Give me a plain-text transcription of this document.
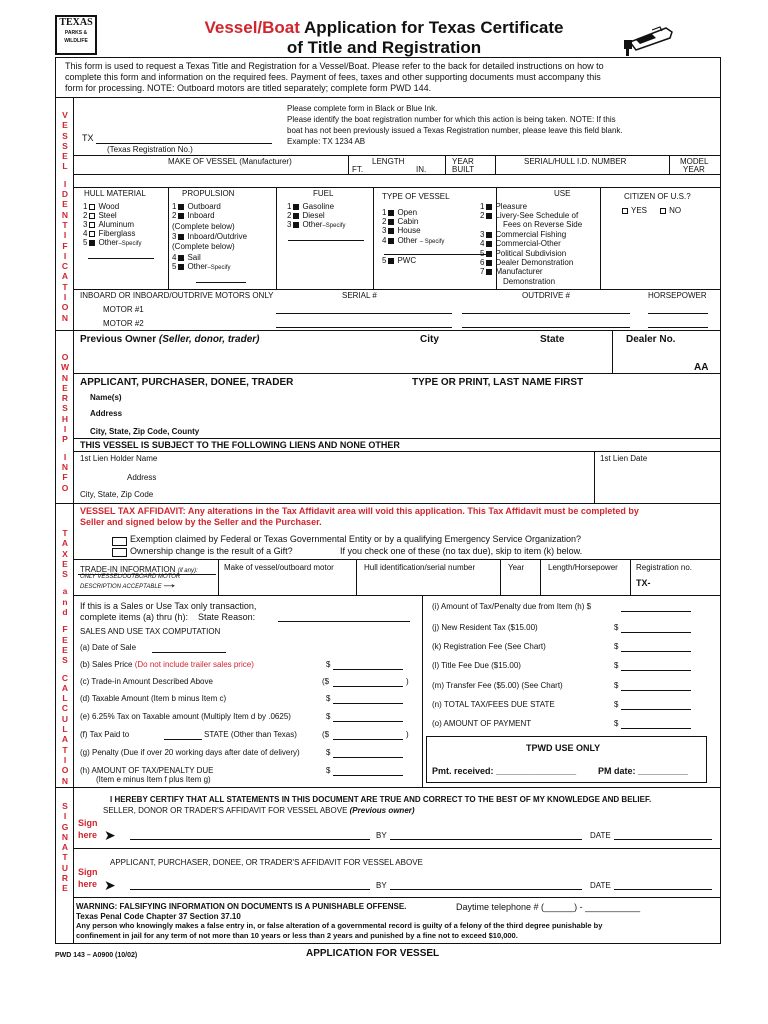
TEXAS
PARKS &
WILDLIFE
Vessel/Boat Application for Texas Certificate
of Title and Registration
This form is used to request a Texas Title and Registration for a Vessel/Boat. Please refer to the back for detailed instructions on how to
complete this form and information on the required fees. Payment of fees, taxes and other supporting documents must accompany this
form for processing. NOTE: Outboard motors are titled separately; complete form PWD 144.
V
E
S
S
E
L

I
D
E
N
T
I
F
I
C
A
T
I
O
N
O
W
N
E
R
S
H
I
P

I
N
F
O
T
A
X
E
S

a
n
d

F
E
E
S

C
A
L
C
U
L
A
T
I
O
N
S
I
G
N
A
T
U
R
E
Please complete form in Black or Blue Ink.
Please identify the boat registration number for which this action is being taken. NOTE: If this
boat has not been previously issued a Texas Registration number, please leave this field blank.
Example: TX 1234 AB
TX
(Texas Registration No.)
MAKE OF VESSEL (Manufacturer)	LENGTH
FT.	IN.
YEAR
BUILT
SERIAL/HULL I.D. NUMBER	MODEL
YEAR
HULL MATERIAL
1 Wood
2 Steel
3 Aluminum
4 Fiberglass
5 Other–Specify
PROPULSION
1 Outboard
2 Inboard
(Complete below)
3 Inboard/Outdrive
(Complete below)
4 Sail
5 Other–Specify
FUEL
1 Gasoline
2 Diesel
3 Other–Specify
TYPE OF VESSEL
1 Open
2 Cabin
3 House
4 Other – Specify
5 PWC
USE
1 Pleasure
2 Livery-See Schedule of
Fees on Reverse Side
3 Commercial Fishing
4 Commercial-Other
5 Political Subdivision
6 Dealer Demonstration
7 Manufacturer
Demonstration
CITIZEN OF U.S.?
YES	NO
INBOARD OR INBOARD/OUTDRIVE MOTORS ONLY	SERIAL #	OUTDRIVE #	HORSEPOWER
MOTOR #1
MOTOR #2
Previous Owner (Seller, donor, trader)	City	State	Dealer No.
AA
APPLICANT, PURCHASER, DONEE, TRADER	TYPE OR PRINT, LAST NAME FIRST
Name(s)
Address
City, State, Zip Code, County
THIS VESSEL IS SUBJECT TO THE FOLLOWING LIENS AND NONE OTHER
1st Lien Holder Name	1st Lien Date
Address
City, State, Zip Code
VESSEL TAX AFFIDAVIT: Any alterations in the Tax Affidavit area will void this application. This Tax Affidavit must be completed by
Seller and signed below by the Seller and the Purchaser.
Exemption claimed by Federal or Texas Governmental Entity or by a qualifying Emergency Service Organization?
Ownership change is the result of a Gift?	If you check one of these (no tax due), skip to item (k) below.
TRADE-IN INFORMATION (if any):
ONLY VESSEL/OUTBOARD MOTOR
DESCRIPTION ACCEPTABLE →
Make of vessel/outboard motor	Hull identification/serial number	Year	Length/Horsepower Registration no.
TX-
If this is a Sales or Use Tax only transaction,
complete items (a) thru (h): State Reason:
SALES AND USE TAX COMPUTATION
(a) Date of Sale
(b) Sales Price (Do not include trailer sales price)	$
(c) Trade-in Amount Described Above	($	)
(d) Taxable Amount (Item b minus Item c)	$
(e) 6.25% Tax on Taxable amount (Multiply Item d by .0625)	$
(f) Tax Paid to	STATE (Other than Texas)	($	)
(g) Penalty (Due if over 20 working days after date of delivery)	$
(h) AMOUNT OF TAX/PENALTY DUE
(Item e minus Item f plus Item g)
$
(i) Amount of Tax/Penalty due from Item (h) $
(j) New Resident Tax ($15.00)	$
(k) Registration Fee (See Chart)	$
(l) Title Fee Due ($15.00)	$
(m) Transfer Fee ($5.00) (See Chart)	$
(n) TOTAL TAX/FEES DUE STATE	$
(o) AMOUNT OF PAYMENT	$
TPWD USE ONLY
Pmt. received: ________________ PM date: __________
I HEREBY CERTIFY THAT ALL STATEMENTS IN THIS DOCUMENT ARE TRUE AND CORRECT TO THE BEST OF MY KNOWLEDGE AND BELIEF.
SELLER, DONOR OR TRADER'S AFFIDAVIT FOR VESSEL ABOVE (Previous owner)
Sign
here ➤	BY	DATE
APPLICANT, PURCHASER, DONEE, OR TRADER'S AFFIDAVIT FOR VESSEL ABOVE
Sign
here ➤	BY	DATE
WARNING: FALSIFYING INFORMATION ON DOCUMENTS IS A PUNISHABLE OFFENSE.	Daytime telephone # (______) - ___________
Texas Penal Code Chapter 37 Section 37.10
Any person who knowingly makes a false entry in, or false alteration of a governmental record is guilty of a felony of the third degree punishable by
confinement in jail for any term of not more than 10 years or less than 2 years and punished by a fine not to exceed $10,000.
PWD 143 – A0900 (10/02)	APPLICATION FOR VESSEL
